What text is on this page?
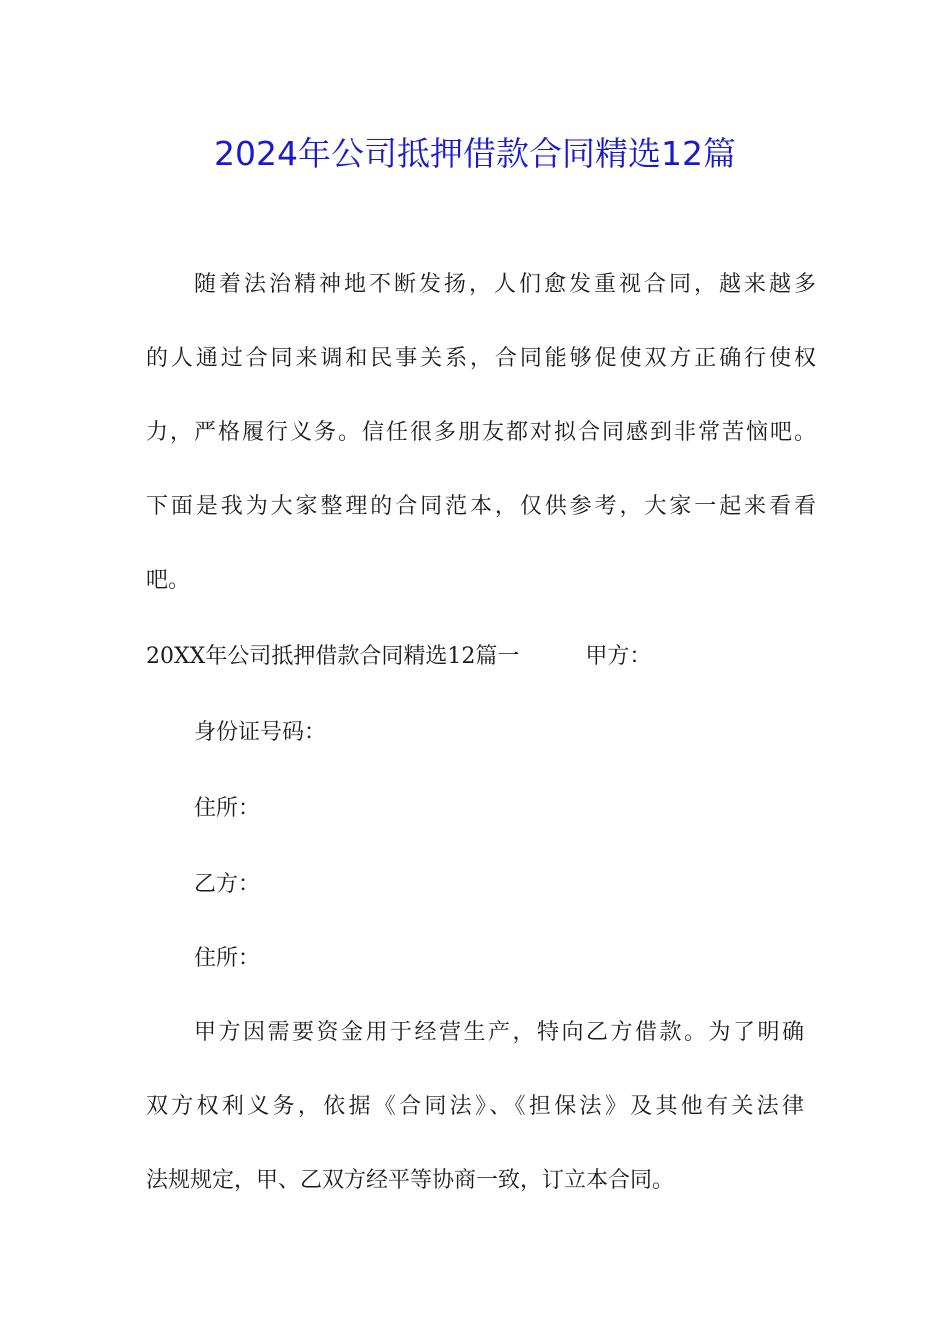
2024年公司抵押借款合同精选12篇

随着法治精神地不断发扬，人们愈发重视合同，越来越多

的人通过合同来调和民事关系，合同能够促使双方正确行使权

力，严格履行义务。信任很多朋友都对拟合同感到非常苦恼吧。

下面是我为大家整理的合同范本，仅供参考，大家一起来看看

吧。

20XX年公司抵押借款合同精选12篇一　　　甲方：

身份证号码：

住所：

乙方：

住所：

甲方因需要资金用于经营生产，特向乙方借款。为了明确

双方权利义务，依据《合同法》、《担保法》及其他有关法律

法规规定，甲、乙双方经平等协商一致，订立本合同。
